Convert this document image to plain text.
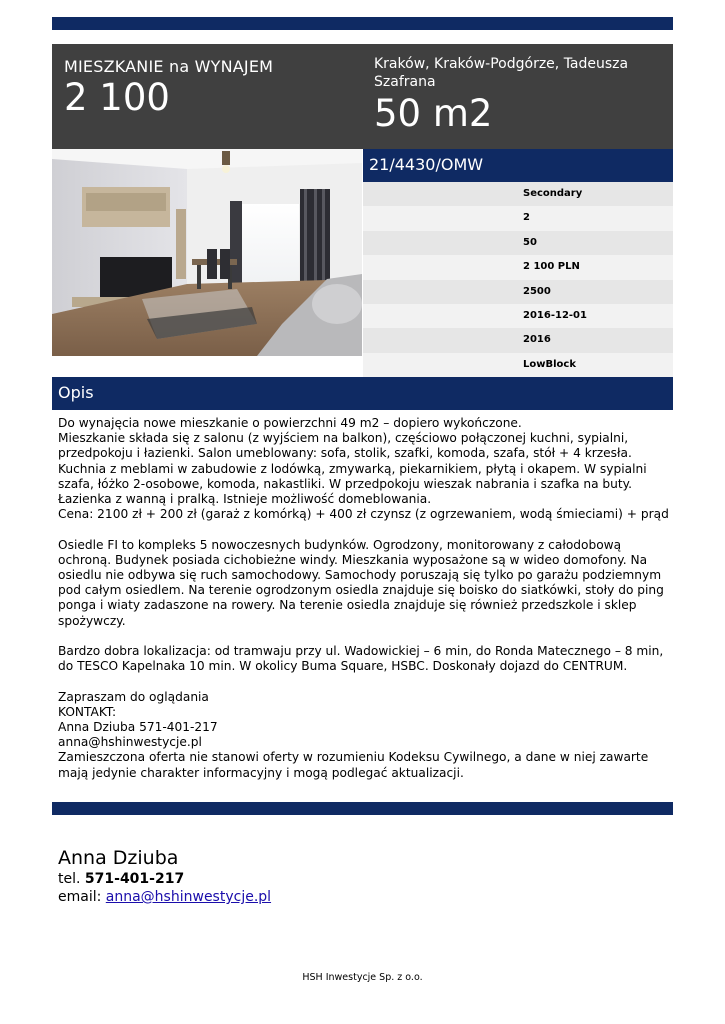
MIESZKANIE na WYNAJEM
2 100
Kraków, Kraków-Podgórze, Tadeusza Szafrana
50 m2
21/4430/OMW
Secondary
2
50
2 100 PLN
2500
2016-12-01
2016
LowBlock
Opis
Do wynajęcia nowe mieszkanie o powierzchni 49 m2 – dopiero wykończone.
Mieszkanie składa się z salonu (z wyjściem na balkon), częściowo połączonej kuchni, sypialni, przedpokoju i łazienki. Salon umeblowany: sofa, stolik, szafki, komoda, szafa, stół + 4 krzesła. Kuchnia z meblami w zabudowie z lodówką, zmywarką, piekarnikiem, płytą i okapem. W sypialni szafa, łóżko 2-osobowe, komoda, nakastliki. W przedpokoju wieszak nabrania i szafka na buty. Łazienka z wanną i pralką. Istnieje możliwość domeblowania.
Cena: 2100 zł + 200 zł (garaż z komórką) + 400 zł czynsz (z ogrzewaniem, wodą śmieciami) + prąd

Osiedle FI to kompleks 5 nowoczesnych budynków. Ogrodzony, monitorowany z całodobową ochroną. Budynek posiada cichobieżne windy. Mieszkania wyposażone są w wideo domofony. Na osiedlu nie odbywa się ruch samochodowy. Samochody poruszają się tylko po garażu podziemnym pod całym osiedlem. Na terenie ogrodzonym osiedla znajduje się boisko do siatkówki, stoły do ping ponga i wiaty zadaszone na rowery. Na terenie osiedla znajduje się również przedszkole i sklep spożywczy.

Bardzo dobra lokalizacja: od tramwaju przy ul. Wadowickiej – 6 min, do Ronda Matecznego – 8 min, do TESCO Kapelnaka 10 min. W okolicy Buma Square, HSBC. Doskonały dojazd do CENTRUM.

Zapraszam do oglądania
KONTAKT:
Anna Dziuba 571-401-217
anna@hshinwestycje.pl
Zamieszczona oferta nie stanowi oferty w rozumieniu Kodeksu Cywilnego, a dane w niej zawarte mają jedynie charakter informacyjny i mogą podlegać aktualizacji.
Anna Dziuba
tel. 571-401-217
email: anna@hshinwestycje.pl
HSH Inwestycje Sp. z o.o.
